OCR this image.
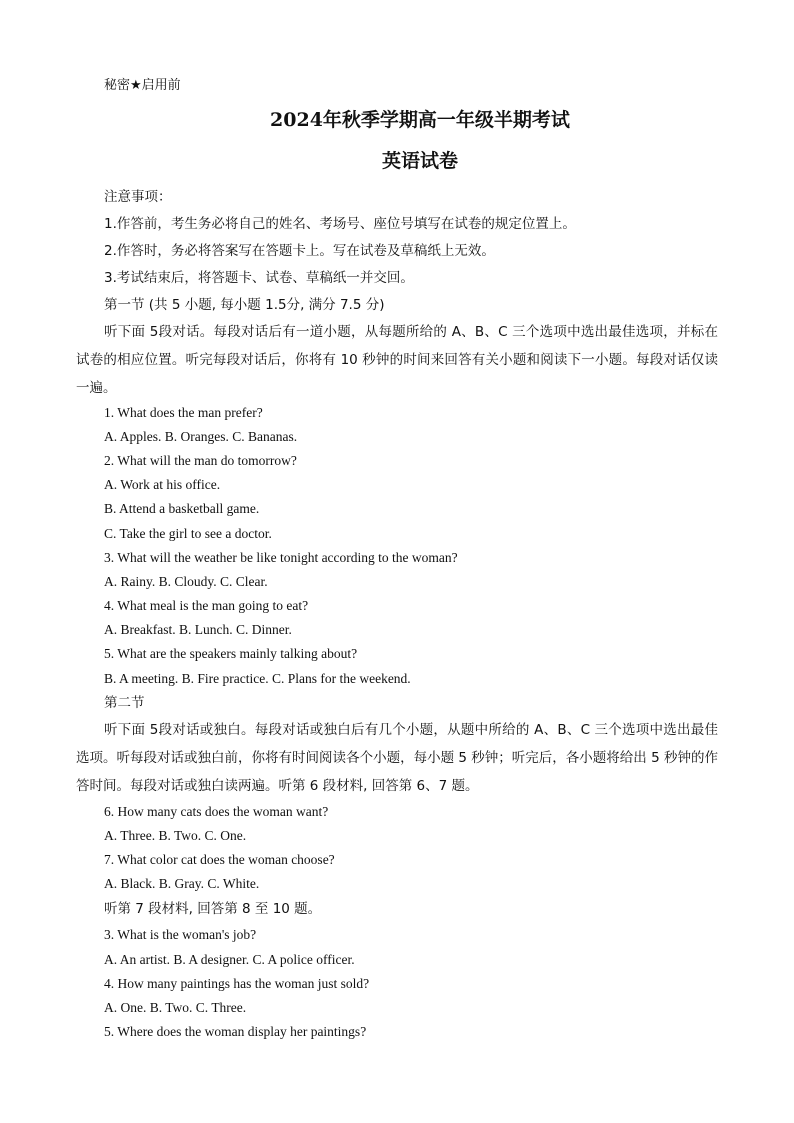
秘密★启用前
2024年秋季学期高一年级半期考试
英语试卷
注意事项：
1.作答前，考生务必将自己的姓名、考场号、座位号填写在试卷的规定位置上。
2.作答时，务必将答案写在答题卡上。写在试卷及草稿纸上无效。
3.考试结束后，将答题卡、试卷、草稿纸一并交回。
第一节 (共 5 小题, 每小题 1.5分, 满分 7.5 分)
听下面 5段对话。每段对话后有一道小题，从每题所给的 A、B、C 三个选项中选出最佳选项，并标在试卷的相应位置。听完每段对话后，你将有 10 秒钟的时间来回答有关小题和阅读下一小题。每段对话仅读一遍。
1. What does the man prefer?
A. Apples. B. Oranges. C. Bananas.
2. What will the man do tomorrow?
A. Work at his office.
B. Attend a basketball game.
C. Take the girl to see a doctor.
3. What will the weather be like tonight according to the woman?
A. Rainy. B. Cloudy. C. Clear.
4. What meal is the man going to eat?
A. Breakfast. B. Lunch. C. Dinner.
5. What are the speakers mainly talking about?
B. A meeting. B. Fire practice. C. Plans for the weekend.
第二节
听下面 5段对话或独白。每段对话或独白后有几个小题，从题中所给的 A、B、C 三个选项中选出最佳选项。听每段对话或独白前，你将有时间阅读各个小题，每小题 5 秒钟；听完后，各小题将给出 5 秒钟的作答时间。每段对话或独白读两遍。听第 6 段材料, 回答第 6、7 题。
6. How many cats does the woman want?
A. Three. B. Two. C. One.
7. What color cat does the woman choose?
A. Black. B. Gray. C. White.
听第 7 段材料, 回答第 8 至 10 题。
3. What is the woman's job?
A. An artist. B. A designer. C. A police officer.
4. How many paintings has the woman just sold?
A. One. B. Two. C. Three.
5. Where does the woman display her paintings?
